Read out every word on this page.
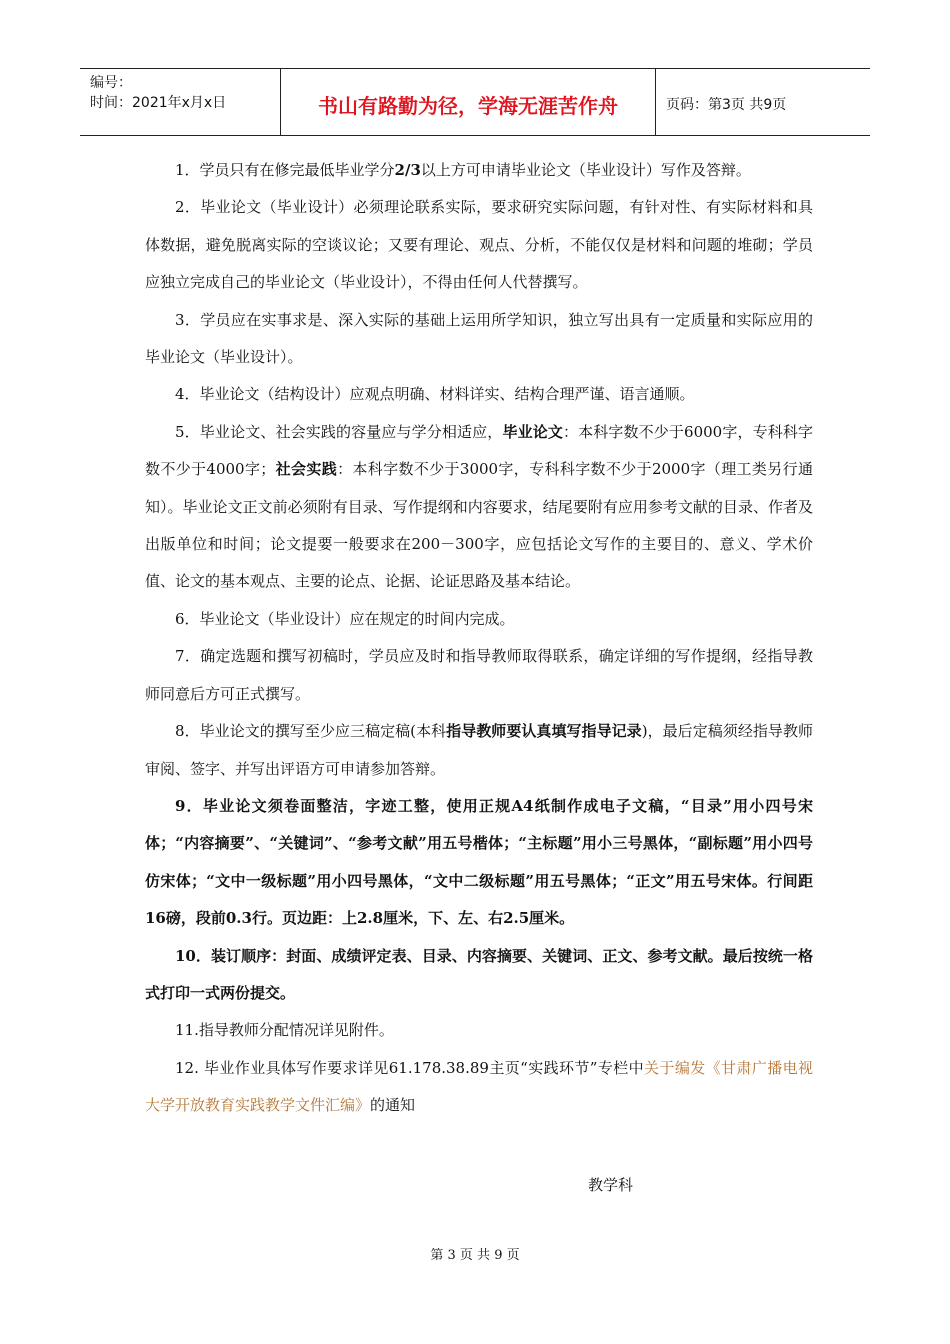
编号：
时间：2021年x月x日	书山有路勤为径，学海无涯苦作舟	页码：第3页 共9页

1．学员只有在修完最低毕业学分2/3以上方可申请毕业论文（毕业设计）写作及答辩。

2．毕业论文（毕业设计）必须理论联系实际，要求研究实际问题，有针对性、有实际材料和具体数据，避免脱离实际的空谈议论；又要有理论、观点、分析，不能仅仅是材料和问题的堆砌；学员应独立完成自己的毕业论文（毕业设计），不得由任何人代替撰写。

3．学员应在实事求是、深入实际的基础上运用所学知识，独立写出具有一定质量和实际应用的毕业论文（毕业设计）。

4．毕业论文（结构设计）应观点明确、材料详实、结构合理严谨、语言通顺。

5．毕业论文、社会实践的容量应与学分相适应，毕业论文：本科字数不少于6000字，专科科字数不少于4000字；社会实践：本科字数不少于3000字，专科科字数不少于2000字（理工类另行通知）。毕业论文正文前必须附有目录、写作提纲和内容要求，结尾要附有应用参考文献的目录、作者及出版单位和时间；论文提要一般要求在200－300字，应包括论文写作的主要目的、意义、学术价值、论文的基本观点、主要的论点、论据、论证思路及基本结论。

6．毕业论文（毕业设计）应在规定的时间内完成。

7．确定选题和撰写初稿时，学员应及时和指导教师取得联系，确定详细的写作提纲，经指导教师同意后方可正式撰写。

8．毕业论文的撰写至少应三稿定稿(本科指导教师要认真填写指导记录)，最后定稿须经指导教师审阅、签字、并写出评语方可申请参加答辩。

9．毕业论文须卷面整洁，字迹工整，使用正规A4纸制作成电子文稿，“目录”用小四号宋体；“内容摘要”、“关键词”、“参考文献”用五号楷体；“主标题”用小三号黑体，“副标题”用小四号仿宋体；“文中一级标题”用小四号黑体，“文中二级标题”用五号黑体；“正文”用五号宋体。行间距16磅，段前0.3行。页边距：上2.8厘米，下、左、右2.5厘米。

10．装订顺序：封面、成绩评定表、目录、内容摘要、关键词、正文、参考文献。最后按统一格式打印一式两份提交。

11.指导教师分配情况详见附件。

12. 毕业作业具体写作要求详见61.178.38.89主页“实践环节”专栏中关于编发《甘肃广播电视大学开放教育实践教学文件汇编》的通知

教学科
第 3 页 共 9 页
